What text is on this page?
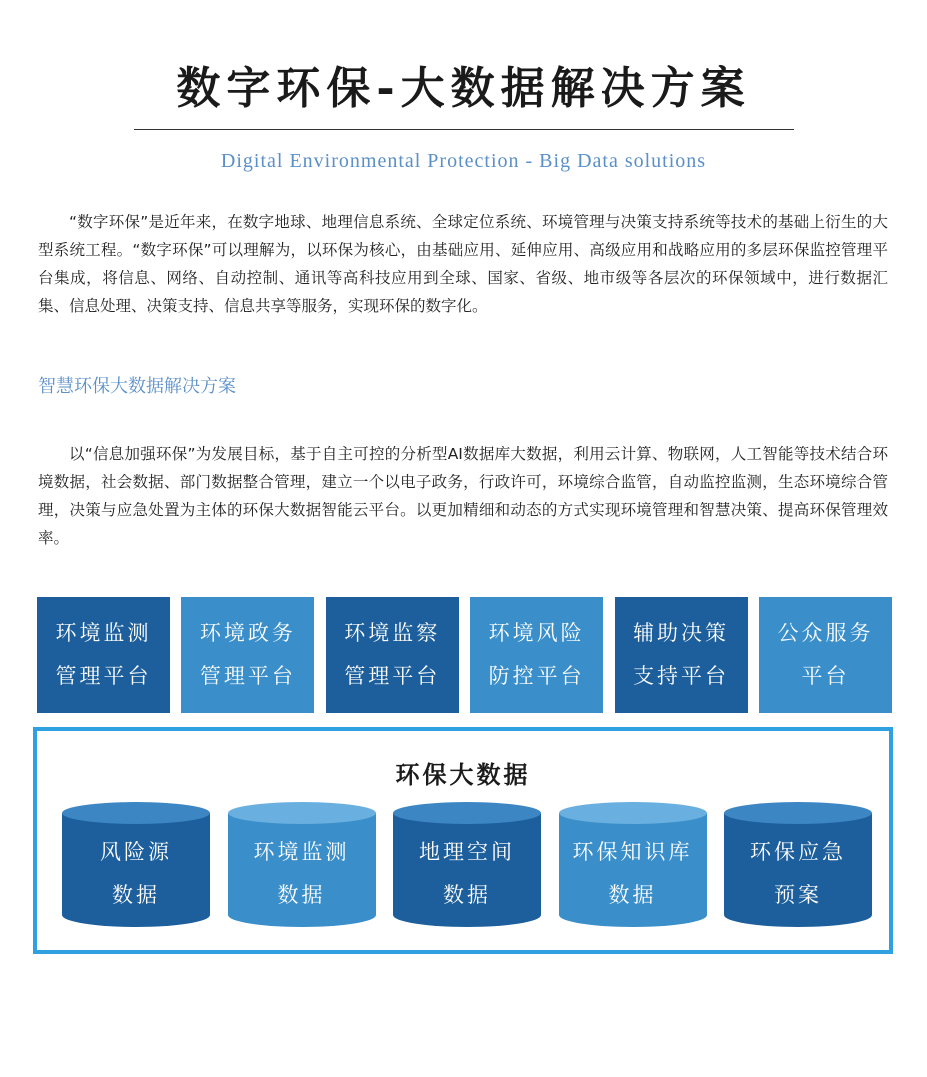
数字环保-大数据解决方案
Digital Environmental Protection - Big Data solutions

“数字环保”是近年来，在数字地球、地理信息系统、全球定位系统、环境管理与决策支持系统等技术的基础上衍生的大型系统工程。“数字环保”可以理解为，以环保为核心，由基础应用、延伸应用、高级应用和战略应用的多层环保监控管理平台集成，将信息、网络、自动控制、通讯等高科技应用到全球、国家、省级、地市级等各层次的环保领域中，进行数据汇集、信息处理、决策支持、信息共享等服务，实现环保的数字化。

智慧环保大数据解决方案

以“信息加强环保”为发展目标，基于自主可控的分析型AI数据库大数据，利用云计算、物联网，人工智能等技术结合环境数据，社会数据、部门数据整合管理，建立一个以电子政务，行政许可，环境综合监管，自动监控监测，生态环境综合管理，决策与应急处置为主体的环保大数据智能云平台。以更加精细和动态的方式实现环境管理和智慧决策、提高环保管理效率。

环境监测
管理平台
环境政务
管理平台
环境监察
管理平台
环境风险
防控平台
辅助决策
支持平台
公众服务
平台
环保大数据
风险源
数据
环境监测
数据
地理空间
数据
环保知识库
数据
环保应急
预案
